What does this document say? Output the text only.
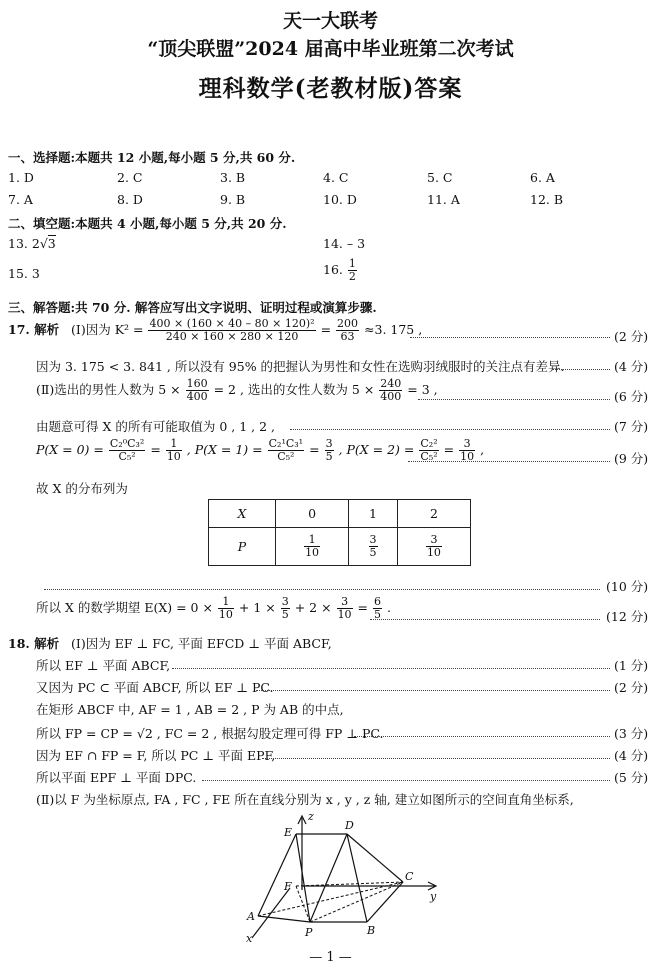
天一大联考
“顶尖联盟”2024 届高中毕业班第二次考试
理科数学(老教材版)答案
一、选择题:本题共 12 小题,每小题 5 分,共 60 分.
1. D	2. C	3. B	4. C	5. C	6. A
7. A	8. D	9. B	10. D	11. A	12. B
二、填空题:本题共 4 小题,每小题 5 分,共 20 分.
13. 2√3	14. – 3
15. 3	16. $\frac{1}{2}$
三、解答题:共 70 分. 解答应写出文字说明、证明过程或演算步骤.
17. 解析 (Ⅰ)因为 $K^2 = \frac{\text{400 × (160 × 40 – 80 × 120)²}}{240 \times 160 \times 280 \times 120} = \frac{200}{63} \approx 3$. 175 ,	(2 分)
因为 3. 175 < 3. 841 , 所以没有 95% 的把握认为男性和女性在选购羽绒服时的关注点有差异.	(4 分)
(Ⅱ)选出的男性人数为 $5 \times \frac{160}{400} = 2$ , 选出的女性人数为 $5 \times \frac{240}{400} = 3$ ,	(6 分)
由题意可得 X 的所有可能取值为 0 , 1 , 2 ,	(7 分)
$P(X = 0) = \frac{\text{C₂⁰C₃²}}{\text{C₅²}} = \frac{1}{10}$ , $P(X = 1) = \frac{\text{C₂¹C₃¹}}{\text{C₅²}} = \frac{3}{5}$ , $P(X = 2) = \frac{\text{C₂²}}{\text{C₅²}} = \frac{3}{10}$ ,
(9 分)
故 X 的分布列为
X	0	1	2
P	$\frac{1}{10}$	$\frac{3}{5}$	$\frac{3}{10}$
(10 分)
所以 X 的数学期望 $E(X) = 0 \times \frac{1}{10} + 1 \times \frac{3}{5} + 2 \times \frac{3}{10} = \frac{6}{5}$ .
(12 分)
18. 解析 (Ⅰ)因为 EF ⊥ FC, 平面 EFCD ⊥ 平面 ABCF,
所以 EF ⊥ 平面 ABCF,	(1 分)
又因为 PC ⊂ 平面 ABCF, 所以 EF ⊥ PC.	(2 分)
在矩形 ABCF 中, AF = 1 , AB = 2 , P 为 AB 的中点,
所以 FP = CP = √2 , FC = 2 , 根据勾股定理可得 FP ⊥ PC.	(3 分)
因为 EF ∩ FP = F, 所以 PC ⊥ 平面 EPF,	(4 分)
所以平面 EPF ⊥ 平面 DPC.	(5 分)
(Ⅱ)以 F 为坐标原点, FA , FC , FE 所在直线分别为 x , y , z 轴, 建立如图所示的空间直角坐标系,
E
z
D
F
C
y
A
P	B
x
— 1 —
